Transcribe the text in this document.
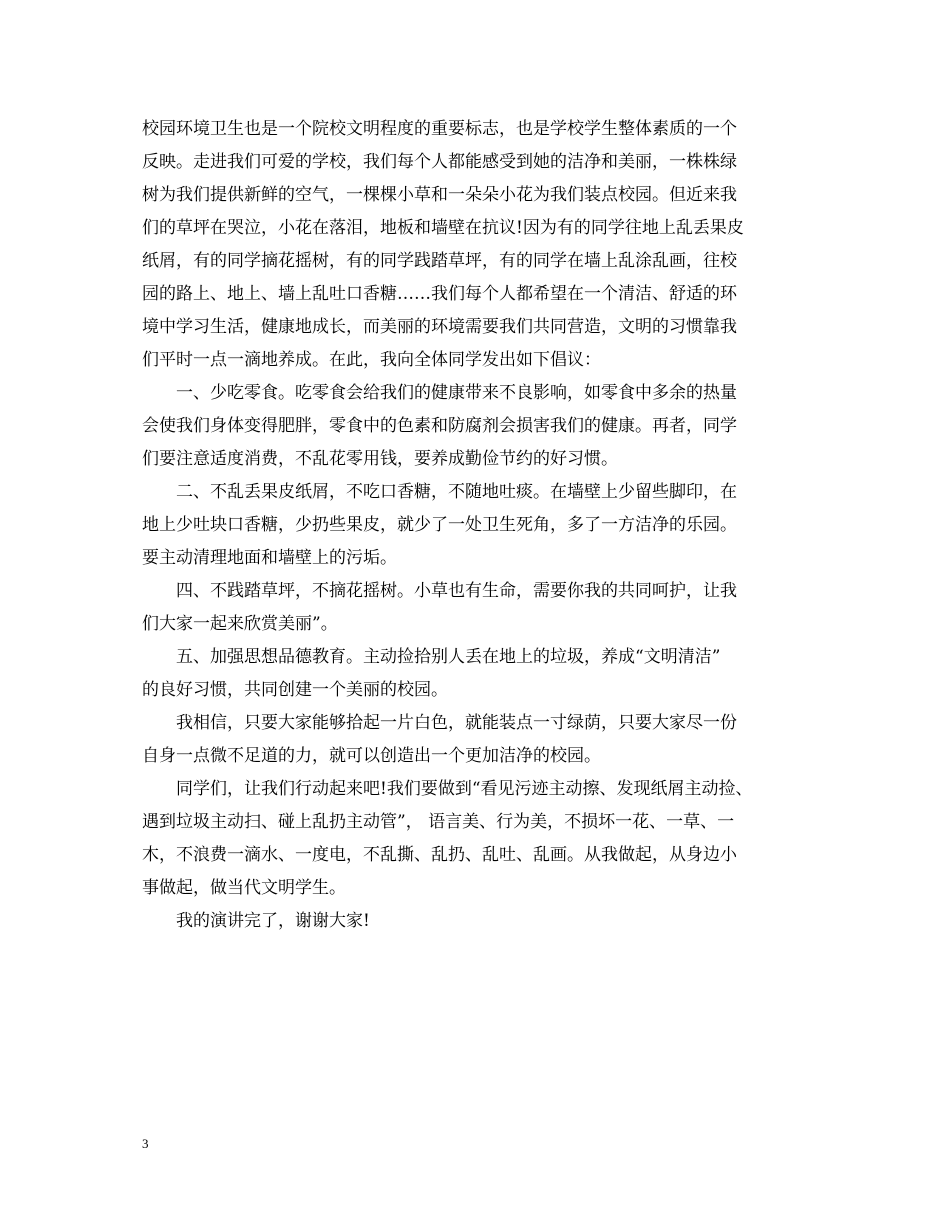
校园环境卫生也是一个院校文明程度的重要标志，也是学校学生整体素质的一个
反映。走进我们可爱的学校，我们每个人都能感受到她的洁净和美丽，一株株绿
树为我们提供新鲜的空气，一棵棵小草和一朵朵小花为我们装点校园。但近来我
们的草坪在哭泣，小花在落泪，地板和墙壁在抗议!因为有的同学往地上乱丢果皮
纸屑，有的同学摘花摇树，有的同学践踏草坪，有的同学在墙上乱涂乱画，往校
园的路上、地上、墙上乱吐口香糖……我们每个人都希望在一个清洁、舒适的环
境中学习生活，健康地成长，而美丽的环境需要我们共同营造，文明的习惯靠我
们平时一点一滴地养成。在此，我向全体同学发出如下倡议：
一、少吃零食。吃零食会给我们的健康带来不良影响，如零食中多余的热量
会使我们身体变得肥胖，零食中的色素和防腐剂会损害我们的健康。再者，同学
们要注意适度消费，不乱花零用钱，要养成勤俭节约的好习惯。
二、不乱丢果皮纸屑，不吃口香糖，不随地吐痰。在墙壁上少留些脚印，在
地上少吐块口香糖，少扔些果皮，就少了一处卫生死角，多了一方洁净的乐园。
要主动清理地面和墙壁上的污垢。
四、不践踏草坪，不摘花摇树。小草也有生命，需要你我的共同呵护，让我
们大家一起来欣赏美丽”。
五、加强思想品德教育。主动捡拾别人丢在地上的垃圾，养成“文明清洁”
的良好习惯，共同创建一个美丽的校园。
我相信，只要大家能够拾起一片白色，就能装点一寸绿荫，只要大家尽一份
自身一点微不足道的力，就可以创造出一个更加洁净的校园。
同学们，让我们行动起来吧!我们要做到“看见污迹主动擦、发现纸屑主动捡、
遇到垃圾主动扫、碰上乱扔主动管”， 语言美、行为美，不损坏一花、一草、一
木，不浪费一滴水、一度电，不乱撕、乱扔、乱吐、乱画。从我做起，从身边小
事做起，做当代文明学生。
我的演讲完了，谢谢大家!
3
